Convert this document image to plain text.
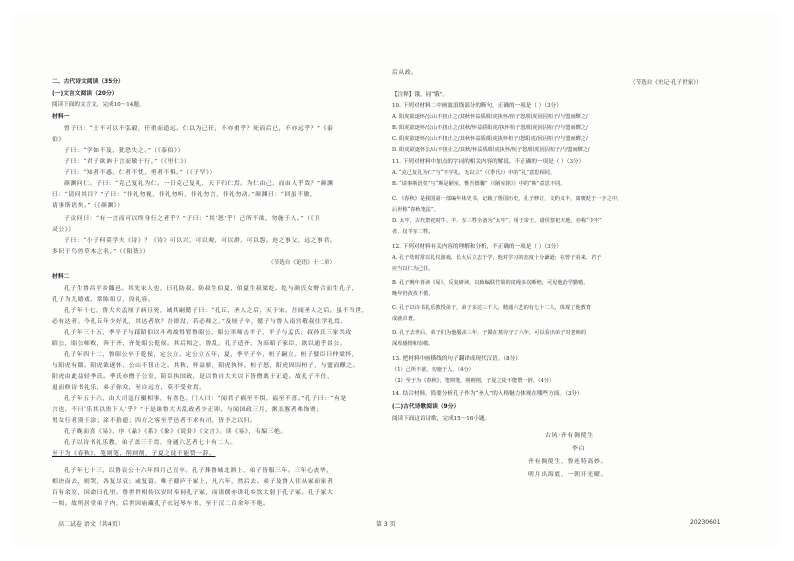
二、古代诗文阅读（35分）
(一)文言文阅读（20分）
阅读下面的文言文，完成10～14题。
材料一
曾子曰：“士不可以不弘毅，任重而道远。仁以为己任，不亦重乎？死而后已，不亦远乎？”《泰
伯》
子曰：“学如不及，犹恐失之。”（《泰伯》）
子曰：“君子欲讷于言而敏于行。”（《里仁》）
子曰：“知者不惑，仁者不忧，勇者不惧。”（《子罕》）
颜渊问仁。子曰：“克己复礼为仁。一日克己复礼，天下归仁焉。为仁由己，而由人乎哉？”颜渊
曰：“请问其目？”子曰：“非礼勿视，非礼勿听，非礼勿言，非礼勿动。”颜渊曰：“回虽不敏，
请事斯语矣。”（《颜渊》）
子贡问曰：“有一言而可以终身行之者乎？”子曰：“其‘恕’乎！己所不欲，勿施于人。”（《卫
灵公》）
子曰：“小子何莫学夫《诗》？《诗》可以兴，可以观，可以群，可以怨。迩之事父，远之事君。
多识于鸟兽草木之名。”（《阳货》）
（节选自《论语》十二章）
材料二
孔子生鲁昌平乡陬邑。其先宋人也，曰孔防叔。防叔生伯夏，伯夏生叔梁纥。纥与颜氏女野合而生孔子，
孔子为儿嬉戏，常陈俎豆，设礼容。
孔子年十七，鲁大夫孟厘子病且死，诫其嗣懿子曰：“孔丘，圣人之后，灭于宋。吾闻圣人之后，虽不当世，
必有达者。今孔丘年少好礼，其达者欤？吾即没，若必师之。”及厘子卒，懿子与鲁人南宫敬叔往学礼焉。
孔子年三十五，季平子与郈昭伯以斗鸡故得罪鲁昭公，昭公率师击平子，平子与孟氏、叔孙氏三家共攻
昭公，昭公师败，奔于齐，齐处昭公乾侯。其后顷之，鲁乱。孔子适齐，为高昭子家臣，欲以通乎景公。
孔子年四十二，鲁昭公卒于乾侯，定公立。定公立五年，夏，季平子卒，桓子嗣立。桓子嬖臣曰仲梁怀，
与阳虎有隙。阳虎欲逐怀，公山不狃止之。其秋，怀益骄，阳虎执怀。桓子怒，阳虎因囚桓子，与盟而醳之。
阳虎由此益轻季氏。季氏亦僭于公室，陪臣执国政，是以鲁自大夫以下皆僭离于正道。故孔子不仕，
退而修诗书礼乐，弟子弥众，至自远方，莫不受业焉。
孔子年五十六，由大司寇行摄相事，有喜色。门人曰：“闻君子祸至不惧，福至不喜。”孔子曰：“有是
言也。不曰‘乐其以贵下人’乎？”于是诛鲁大夫乱政者少正卯。与闻国政三月，粥羔豚者弗饰贾；
男女行者别于涂；涂不拾遗；四方之客至乎邑者不求有司，皆予之以归。
孔子晚而喜《易》，序《彖》《系》《象》《说卦》《文言》。读《易》，韦编三绝。
孔子以诗书礼乐教，弟子盖三千焉，身通六艺者七十有二人。
至于为《春秋》，笔则笔，削则削，子夏之徒不能赞一辞。
孔子年七十三，以鲁哀公十六年四月己丑卒。孔子葬鲁城北泗上，弟子皆服三年。三年心丧毕，
相诀而去，则哭，各复尽哀；或复留。唯子赣庐于冢上，凡六年，然后去。弟子及鲁人往从冢而家者
百有余室，因命曰孔里。鲁世世相传以岁时奉祠孔子冢，而诸儒亦讲礼乡饮大射于孔子冢。孔子冢大
一顷。故所居堂弟子内，后世因庙藏孔子衣冠琴车书，至于汉二百余年不绝。
后从政。
（节选自《史记·孔子世家》）
【注释】饿，同“饿”。
10. 下列对材料二中画波浪线部分的断句，正确的一项是（ ）（3分）
A. 阳虎欲逐怀/公山不狃止之/其秋怀益骄/阳虎执怀/桓子怒/阳虎因囚桓子/与盟而醳之/
B. 阳虎欲逐怀/公山不狃止之/其秋/怀益骄阳虎/执怀桓子怒/阳虎因囚桓子/与盟而醳之/
C. 阳虎欲逐怀/公山不狃止之/其秋怀益骄/阳虎执怀桓子/怒阳虎/因囚桓子/与盟而醳之/
D. 阳虎欲逐怀公/山不狃止之/其秋/怀益骄/阳虎执怀/桓子怒/阳虎因囚桓子/与盟而醳之/
11. 下列对材料中加点的字词的相关内容的解说，不正确的一项是（ ）（3分）
A. “克己复礼为仁”与“不学礼，无以立”（《季氏》）中的“礼”意思相同。
B. “请事斯语矣”与“斯是陋室，惟吾德馨”（《陋室铭》）中的“斯”意思不同。
C. 《春秋》是我国第一部编年体史书，记载了鲁国历史，孔子修订，文约义丰，寓褒贬于一字之中，
后世称“春秋笔法”。
D. 太牢，古代祭祀时牛、羊、豕三牲全备为“太牢”，用于帝王、诸侯祭祀天地，亦称“少牢”
者，仅羊豕二牲。
12. 下列对材料有关内容的理解和分析，不正确的一项是（ ）（3分）
A. 孔子幼时常以礼仪游戏，长大后立志于学，他对学习的态度十分谦逊；在曾子看来，君子
应当以仁为己任。
B. 孔子晚年喜读《易》，反复研读，以致编联竹简的皮绳多次断绝，可见他治学勤勉，
晚年仍孜孜不倦。
C. 孔子以诗书礼乐教授弟子，弟子多达三千人，精通六艺的有七十二人，体现了他教育
成就卓著。
D. 孔子去世后，弟子们为他服丧三年，子赣在墓旁守了六年，可以看出弟子对老师的
深厚感情和崇敬。
13. 把材料中画横线的句子翻译成现代汉语。（8分）
（1）己所不欲，勿施于人。（4分）
（2）至于为《春秋》，笔则笔，削则削，子夏之徒不能赞一辞。（4分）
14. 结合材料，简要分析孔子作为“圣人”的人格魅力体现在哪些方面。（3分）
(二)古代诗歌阅读（9分）
阅读下面这首诗歌，完成15～16小题。
古风·齐有倜傥生
李白
齐有倜傥生，鲁连特高妙。
明月出海底，一朝开光曜。
高二试卷 语文（共4页）	第 3 页	20230601
